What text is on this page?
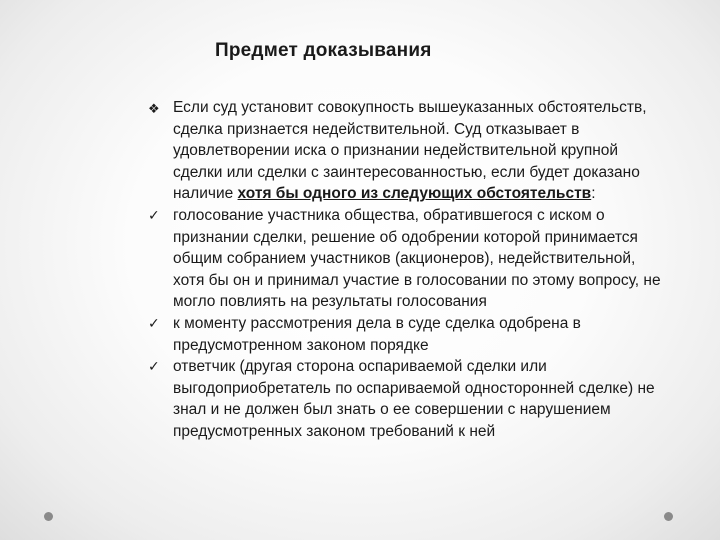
Предмет доказывания

❖ Если суд установит совокупность вышеуказанных обстоятельств, сделка признается недействительной. Суд отказывает в удовлетворении иска о признании недействительной крупной сделки или сделки с заинтересованностью, если будет доказано наличие хотя бы одного из следующих обстоятельств:

✓ голосование участника общества, обратившегося с иском о признании сделки, решение об одобрении которой принимается общим собранием участников (акционеров), недействительной, хотя бы он и принимал участие в голосовании по этому вопросу, не могло повлиять на результаты голосования

✓ к моменту рассмотрения дела в суде сделка одобрена в предусмотренном законом порядке

✓ ответчик (другая сторона оспариваемой сделки или выгодоприобретатель по оспариваемой односторонней сделке) не знал и не должен был знать о ее совершении с нарушением предусмотренных законом требований к ней
